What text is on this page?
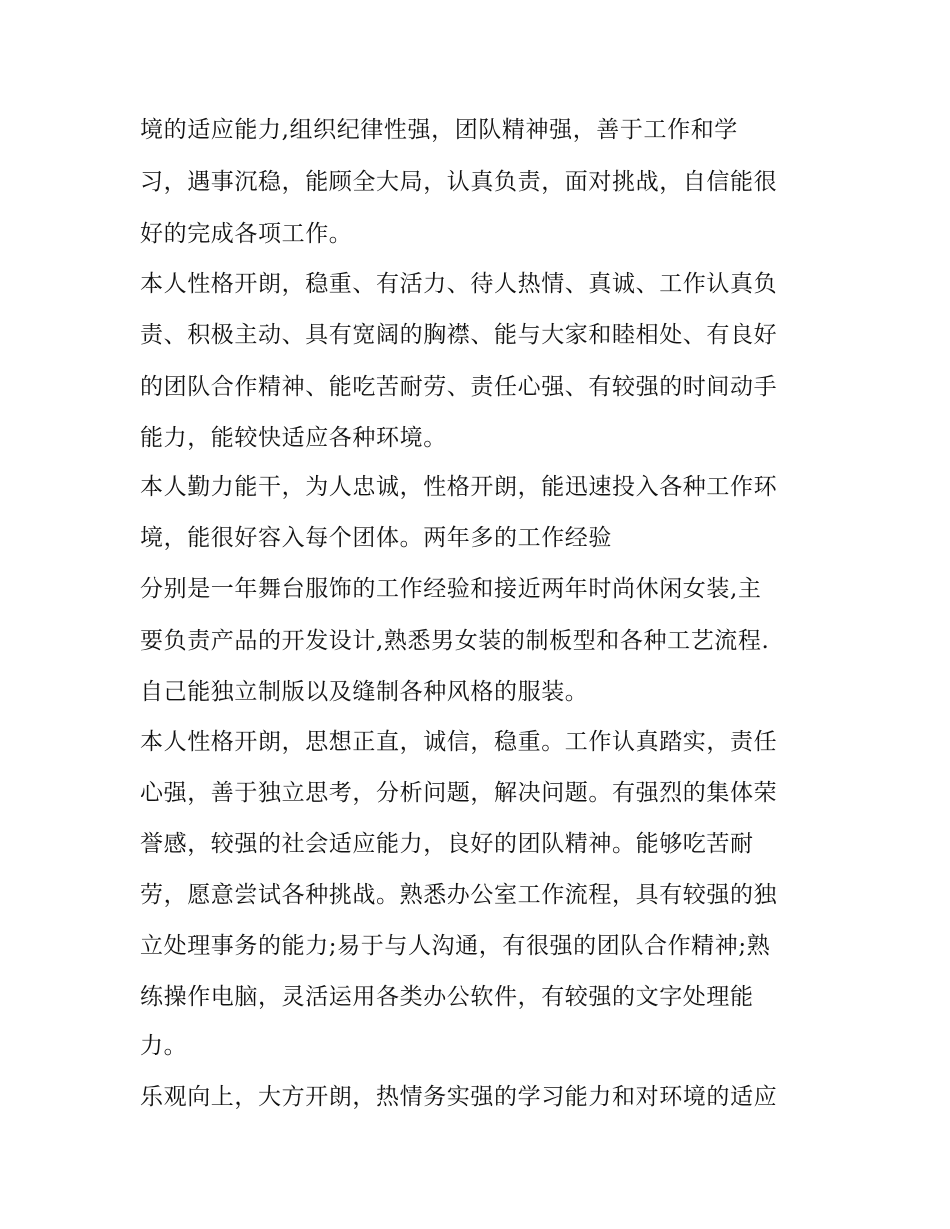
境的适应能力,组织纪律性强，团队精神强，善于工作和学
习，遇事沉稳，能顾全大局，认真负责，面对挑战，自信能很
好的完成各项工作。
本人性格开朗，稳重、有活力、待人热情、真诚、工作认真负
责、积极主动、具有宽阔的胸襟、能与大家和睦相处、有良好
的团队合作精神、能吃苦耐劳、责任心强、有较强的时间动手
能力，能较快适应各种环境。
本人勤力能干，为人忠诚，性格开朗，能迅速投入各种工作环
境，能很好容入每个团体。两年多的工作经验
分别是一年舞台服饰的工作经验和接近两年时尚休闲女装,主
要负责产品的开发设计,熟悉男女装的制板型和各种工艺流程.
自己能独立制版以及缝制各种风格的服装。
本人性格开朗，思想正直，诚信，稳重。工作认真踏实，责任
心强，善于独立思考，分析问题，解决问题。有强烈的集体荣
誉感，较强的社会适应能力，良好的团队精神。能够吃苦耐
劳，愿意尝试各种挑战。熟悉办公室工作流程，具有较强的独
立处理事务的能力;易于与人沟通，有很强的团队合作精神;熟
练操作电脑，灵活运用各类办公软件，有较强的文字处理能
力。
乐观向上，大方开朗，热情务实强的学习能力和对环境的适应
